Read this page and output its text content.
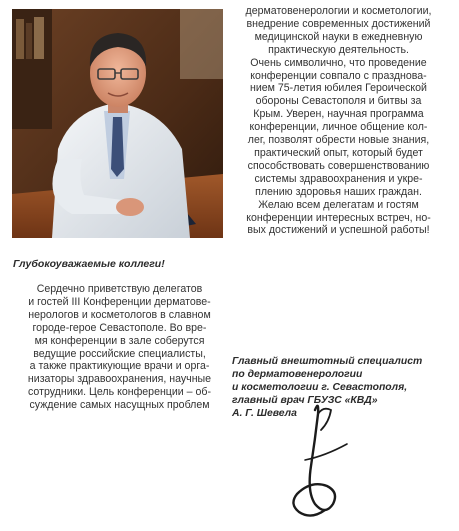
Глубокоуважаемые коллеги!

Сердечно приветствую делегатов
и гостей III Конференции дерматове-
нерологов и косметологов в славном
городе-герое Севастополе. Во вре-
мя конференции в зале соберутся
ведущие российские специалисты,
а также практикующие врачи и орга-
низаторы здравоохранения, научные
сотрудники. Цель конференции – об-
суждение самых насущных проблем

дерматовенерологии и косметологии,
внедрение современных достижений
медицинской науки в ежедневную
практическую деятельность.
Очень символично, что проведение
конференции совпало с празднова-
нием 75-летия юбилея Героической
обороны Севастополя и битвы за
Крым. Уверен, научная программа
конференции, личное общение кол-
лег, позволят обрести новые знания,
практический опыт, который будет
способствовать совершенствованию
системы здравоохранения и укре-
плению здоровья наших граждан.
Желаю всем делегатам и гостям
конференции интересных встреч, но-
вых достижений и успешной работы!

Главный внештотный специалист
по дерматовенерологии
и косметологии г. Севастополя,
главный врач ГБУЗС «КВД»
А. Г. Шевела
